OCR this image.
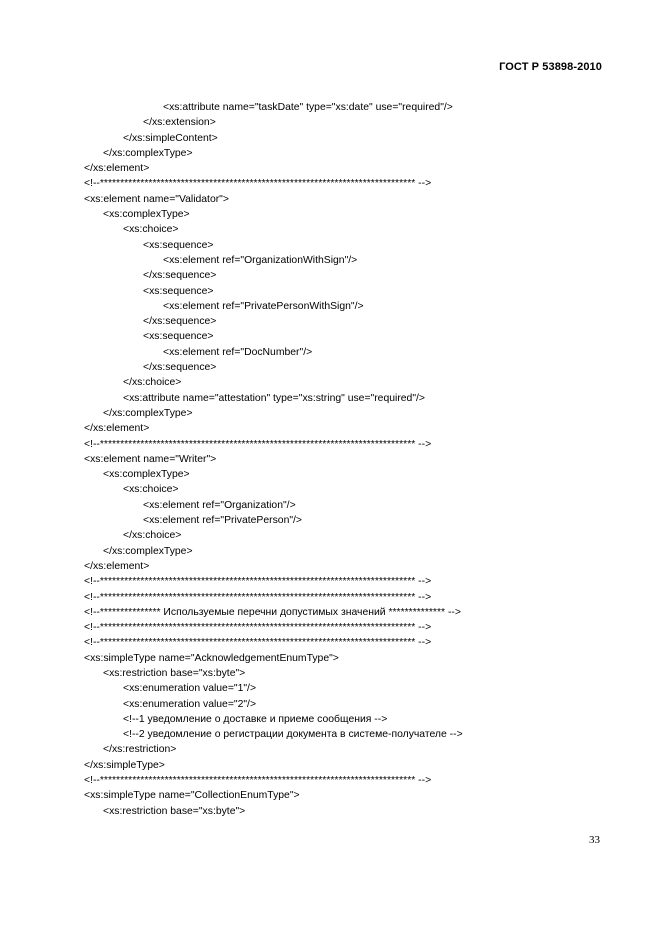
ГОСТ Р 53898-2010
<xs:attribute name="taskDate" type="xs:date" use="required"/>
</xs:extension>
</xs:simpleContent>
</xs:complexType>
</xs:element>
<!--****************************************************************************** -->
<xs:element name="Validator">
<xs:complexType>
<xs:choice>
<xs:sequence>
<xs:element ref="OrganizationWithSign"/>
</xs:sequence>
<xs:sequence>
<xs:element ref="PrivatePersonWithSign"/>
</xs:sequence>
<xs:sequence>
<xs:element ref="DocNumber"/>
</xs:sequence>
</xs:choice>
<xs:attribute name="attestation" type="xs:string" use="required"/>
</xs:complexType>
</xs:element>
<!--****************************************************************************** -->
<xs:element name="Writer">
<xs:complexType>
<xs:choice>
<xs:element ref="Organization"/>
<xs:element ref="PrivatePerson"/>
</xs:choice>
</xs:complexType>
</xs:element>
<!--****************************************************************************** -->
<!--****************************************************************************** -->
<!--*************** Используемые перечни допустимых значений ************** -->
<!--****************************************************************************** -->
<!--****************************************************************************** -->
<xs:simpleType name="AcknowledgementEnumType">
<xs:restriction base="xs:byte">
<xs:enumeration value="1"/>
<xs:enumeration value="2"/>
<!--1 уведомление о доставке и приеме сообщения -->
<!--2 уведомление о регистрации документа в системе-получателе -->
</xs:restriction>
</xs:simpleType>
<!--****************************************************************************** -->
<xs:simpleType name="CollectionEnumType">
<xs:restriction base="xs:byte">
33
